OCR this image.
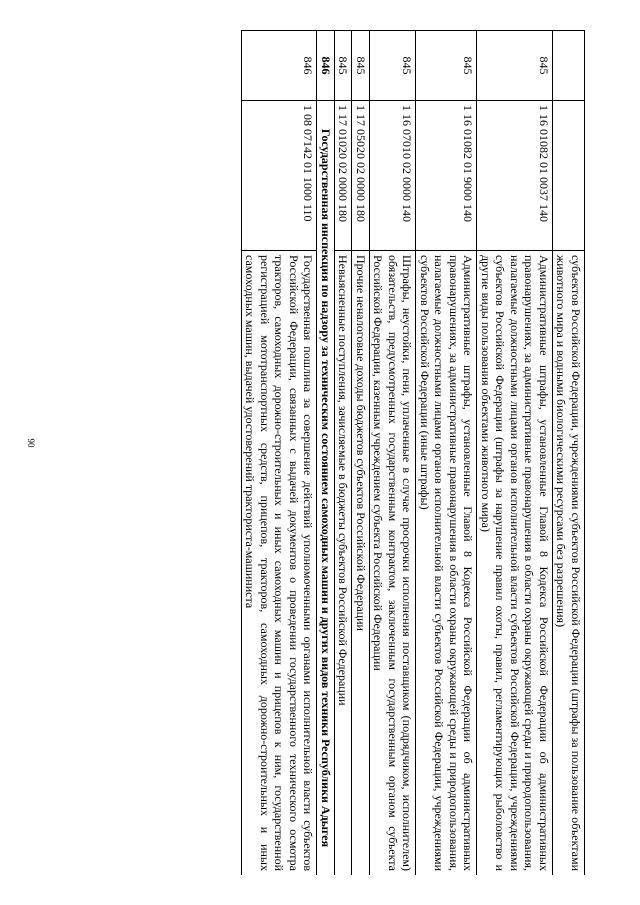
90
			субъектов Российской Федерации, учреждениями субъектов Российской Федерации (штрафы за пользование объектами животного мира и водными биологическими ресурсами без разрешения)
845	1 16 01082 01 0037 140	Административные штрафы, установленные Главой 8 Кодекса Российской Федерации об административных правонарушениях, за административные правонарушения в области охраны окружающей среды и природопользования, налагаемые должностными лицами органов исполнительной власти субъектов Российской Федерации, учреждениями субъектов Российской Федерации (штрафы за нарушение правил охоты, правил, регламентирующих рыболовство и другие виды пользования объектами животного мира)
845	1 16 01082 01 9000 140	Административные штрафы, установленные Главой 8 Кодекса Российской Федерации об административных правонарушениях, за административные правонарушения в области охраны окружающей среды и природопользования, налагаемые должностными лицами органов исполнительной власти субъектов Российской Федерации, учреждениями субъектов Российской Федерации (иные штрафы)
845	1 16 07010 02 0000 140	Штрафы, неустойки, пени, уплаченные в случае просрочки исполнения поставщиком (подрядчиком, исполнителем) обязательств, предусмотренных государственным контрактом, заключенным государственным органом субъекта Российской Федерации, казенным учреждением субъекта Российской Федерации
845	1 17 05020 02 0000 180	Прочие неналоговые доходы бюджетов субъектов Российской Федерации
845	1 17 01020 02 0000 180	Невыясненные поступления, зачисляемые в бюджеты субъектов Российской Федерации
846	Государственная инспекция по надзору за техническим состоянием самоходных машин и других видов техники Республики Адыгея	
846	1 08 07142 01 1000 110	Государственная пошлина за совершение действий уполномоченными органами исполнительной власти субъектов Российской Федерации, связанных с выдачей документов о проведении государственного технического осмотра тракторов, самоходных дорожно-строительных и иных самоходных машин и прицепов к ним, государственной регистрацией мототранспортных средств, прицепов, тракторов, самоходных дорожно-строительных и иных самоходных машин, выдачей удостоверений тракториста-машиниста
